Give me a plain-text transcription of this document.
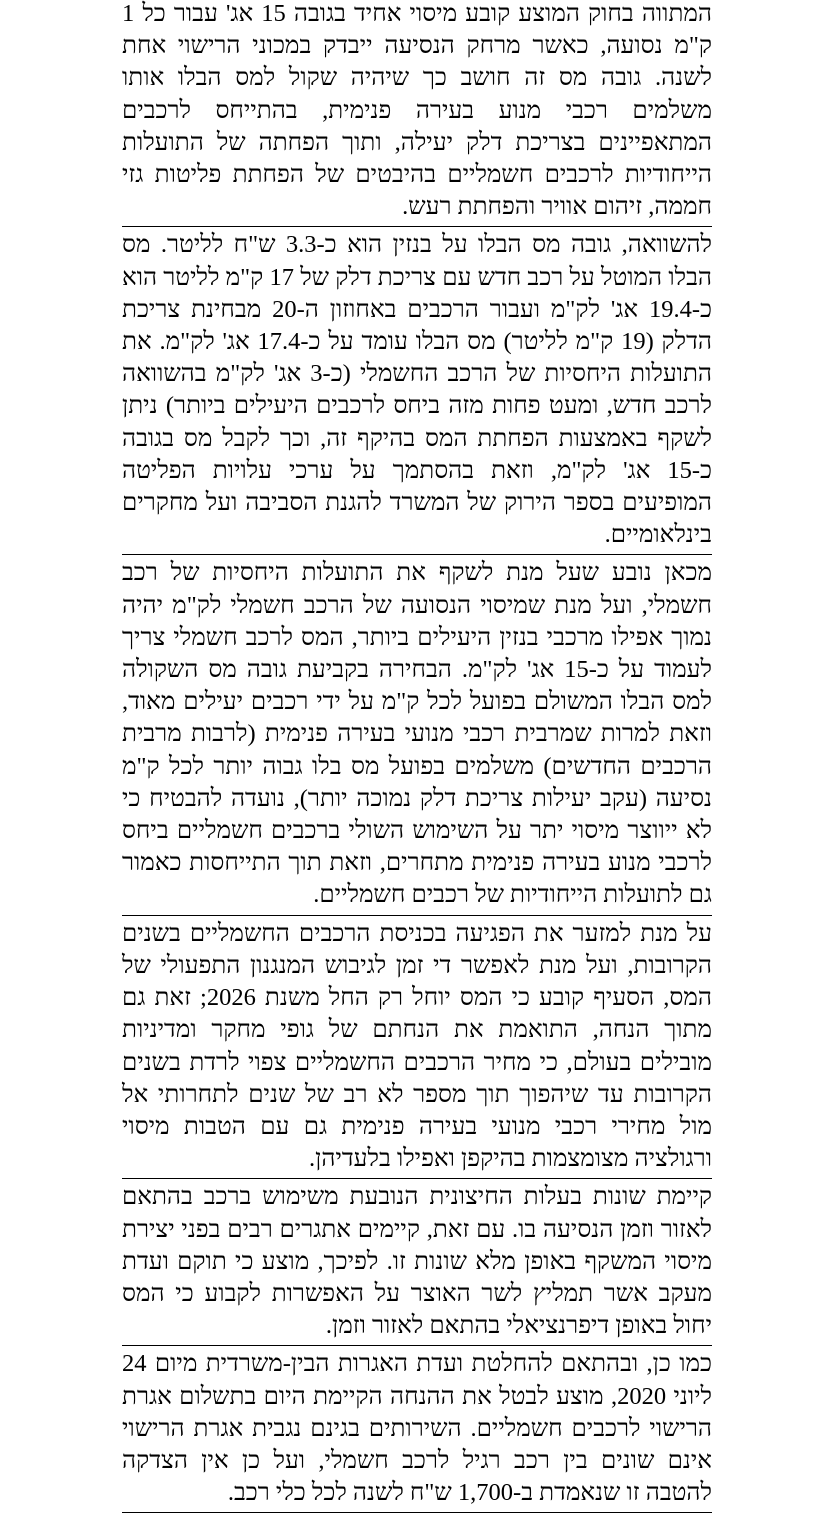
המתווה בחוק המוצע קובע מיסוי אחיד בגובה 15 אג' עבור כל 1 ק"מ נסועה, כאשר מרחק הנסיעה ייבדק במכוני הרישוי אחת לשנה. גובה מס זה חושב כך שיהיה שקול למס הבלו אותו משלמים רכבי מנוע בעירה פנימית, בהתייחס לרכבים המתאפיינים בצריכת דלק יעילה, ותוך הפחתה של התועלות הייחודיות לרכבים חשמליים בהיבטים של הפחתת פליטות גזי חממה, זיהום אוויר והפחתת רעש.

להשוואה, גובה מס הבלו על בנזין הוא כ-3.3 ש"ח לליטר. מס הבלו המוטל על רכב חדש עם צריכת דלק של 17 ק"מ לליטר הוא כ-19.4 אג' לק"מ ועבור הרכבים באחוזון ה-20 מבחינת צריכת הדלק (19 ק"מ לליטר) מס הבלו עומד על כ-17.4 אג' לק"מ. את התועלות היחסיות של הרכב החשמלי (כ-3 אג' לק"מ בהשוואה לרכב חדש, ומעט פחות מזה ביחס לרכבים היעילים ביותר) ניתן לשקף באמצעות הפחתת המס בהיקף זה, וכך לקבל מס בגובה כ-15 אג' לק"מ, וזאת בהסתמך על ערכי עלויות הפליטה המופיעים בספר הירוק של המשרד להגנת הסביבה ועל מחקרים בינלאומיים.

מכאן נובע שעל מנת לשקף את התועלות היחסיות של רכב חשמלי, ועל מנת שמיסוי הנסועה של הרכב חשמלי לק"מ יהיה נמוך אפילו מרכבי בנזין היעילים ביותר, המס לרכב חשמלי צריך לעמוד על כ-15 אג' לק"מ. הבחירה בקביעת גובה מס השקולה למס הבלו המשולם בפועל לכל ק"מ על ידי רכבים יעילים מאוד, וזאת למרות שמרבית רכבי מנועי בעירה פנימית (לרבות מרבית הרכבים החדשים) משלמים בפועל מס בלו גבוה יותר לכל ק"מ נסיעה (עקב יעילות צריכת דלק נמוכה יותר), נועדה להבטיח כי לא ייווצר מיסוי יתר על השימוש השולי ברכבים חשמליים ביחס לרכבי מנוע בעירה פנימית מתחרים, וזאת תוך התייחסות כאמור גם לתועלות הייחודיות של רכבים חשמליים.

על מנת למזער את הפגיעה בכניסת הרכבים החשמליים בשנים הקרובות, ועל מנת לאפשר די זמן לגיבוש המנגנון התפעולי של המס, הסעיף קובע כי המס יוחל רק החל משנת 2026; זאת גם מתוך הנחה, התואמת את הנחתם של גופי מחקר ומדיניות מובילים בעולם, כי מחיר הרכבים החשמליים צפוי לרדת בשנים הקרובות עד שיהפוך תוך מספר לא רב של שנים לתחרותי אל מול מחירי רכבי מנועי בעירה פנימית גם עם הטבות מיסוי ורגולציה מצומצמות בהיקפן ואפילו בלעדיהן.

קיימת שונות בעלות החיצונית הנובעת משימוש ברכב בהתאם לאזור וזמן הנסיעה בו. עם זאת, קיימים אתגרים רבים בפני יצירת מיסוי המשקף באופן מלא שונות זו. לפיכך, מוצע כי תוקם ועדת מעקב אשר תמליץ לשר האוצר על האפשרות לקבוע כי המס יחול באופן דיפרנציאלי בהתאם לאזור וזמן.

כמו כן, ובהתאם להחלטת ועדת האגרות הבין-משרדית מיום 24 ליוני 2020, מוצע לבטל את ההנחה הקיימת היום בתשלום אגרת הרישוי לרכבים חשמליים. השירותים בגינם נגבית אגרת הרישוי אינם שונים בין רכב רגיל לרכב חשמלי, ועל כן אין הצדקה להטבה זו שנאמדת ב-1,700 ש"ח לשנה לכל כלי רכב.
